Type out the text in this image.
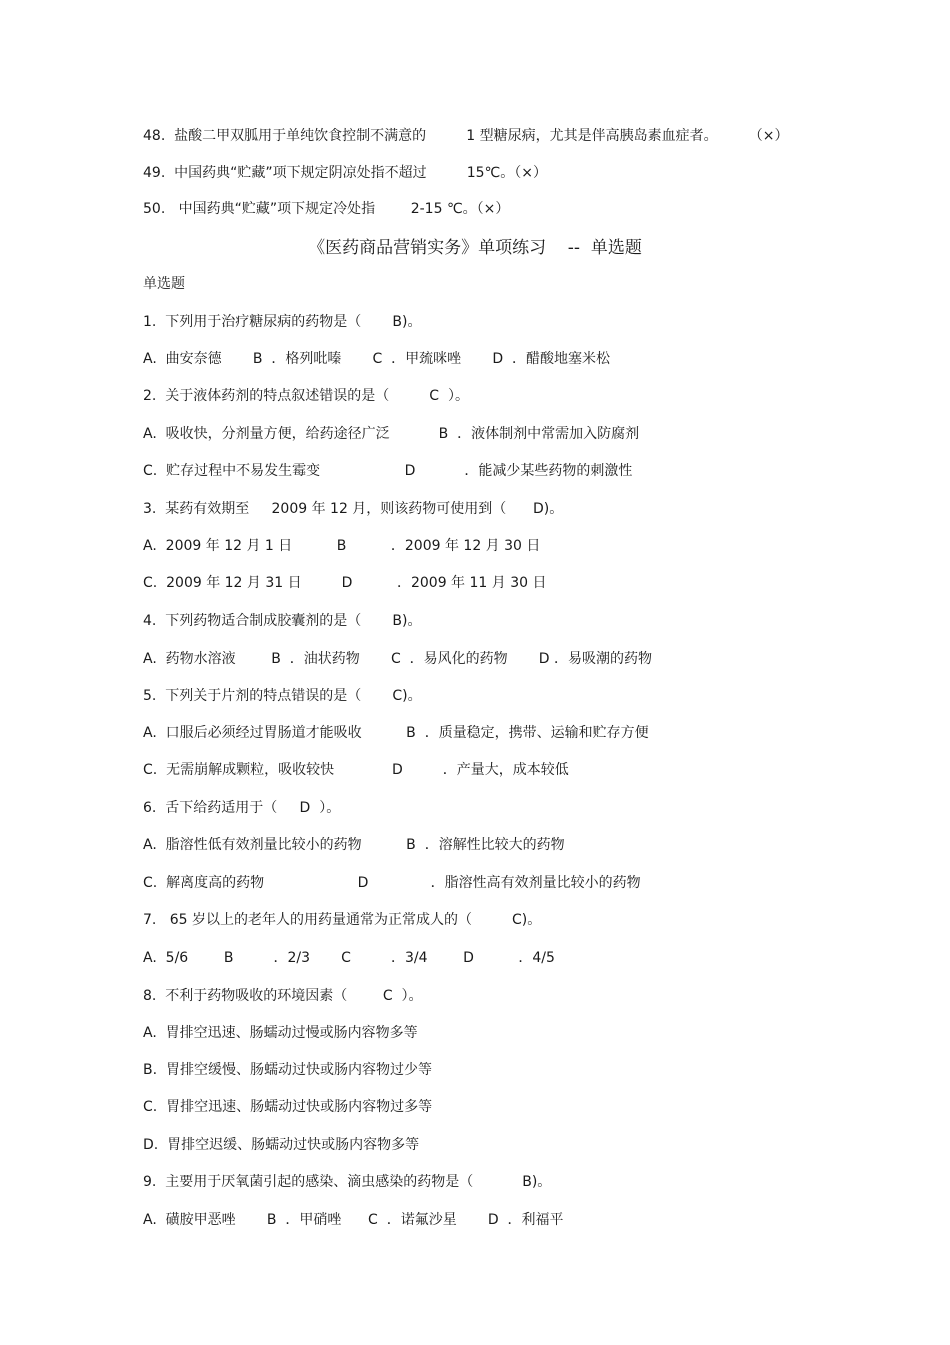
48.  盐酸二甲双胍用于单纯饮食控制不满意的         1 型糖尿病，尤其是伴高胰岛素血症者。       （×）
49.  中国药典“贮藏”项下规定阴凉处指不超过         15℃。（×）
50.   中国药典“贮藏”项下规定冷处指        2-15 ℃。（×）
《医药商品营销实务》单项练习    --  单选题
单选题
1.  下列用于治疗糖尿病的药物是（       B)。
A.  曲安奈德       B  ．格列吡嗪       C  ．甲巯咪唑       D  ．醋酸地塞米松
2.  关于液体药剂的特点叙述错误的是（         C  ）。
A.  吸收快，分剂量方便，给药途径广泛           B  ．液体制剂中常需加入防腐剂
C.  贮存过程中不易发生霉变                   D           ．能减少某些药物的刺激性
3.  某药有效期至     2009 年 12 月，则该药物可使用到（      D)。
A.  2009 年 12 月 1 日          B          ．2009 年 12 月 30 日
C.  2009 年 12 月 31 日         D          ．2009 年 11 月 30 日
4.  下列药物适合制成胶囊剂的是（       B)。
A.  药物水溶液        B  ．油状药物       C  ．易风化的药物       D ．易吸潮的药物
5.  下列关于片剂的特点错误的是（       C)。
A.  口服后必须经过胃肠道才能吸收          B  ．质量稳定，携带、运输和贮存方便
C.  无需崩解成颗粒，吸收较快             D         ．产量大，成本较低
6.  舌下给药适用于（     D  ）。
A.  脂溶性低有效剂量比较小的药物          B  ．溶解性比较大的药物
C.  解离度高的药物                     D              ．脂溶性高有效剂量比较小的药物
7.   65 岁以上的老年人的用药量通常为正常成人的（         C)。
A.  5/6        B         ．2/3       C         ．3/4        D          ．4/5
8.  不利于药物吸收的环境因素（        C  ）。
A.  胃排空迅速、肠蠕动过慢或肠内容物多等
B.  胃排空缓慢、肠蠕动过快或肠内容物过少等
C.  胃排空迅速、肠蠕动过快或肠内容物过多等
D.  胃排空迟缓、肠蠕动过快或肠内容物多等
9.  主要用于厌氧菌引起的感染、滴虫感染的药物是（           B)。
A.  磺胺甲恶唑       B  ．甲硝唑      C  ．诺氟沙星       D  ．利福平
